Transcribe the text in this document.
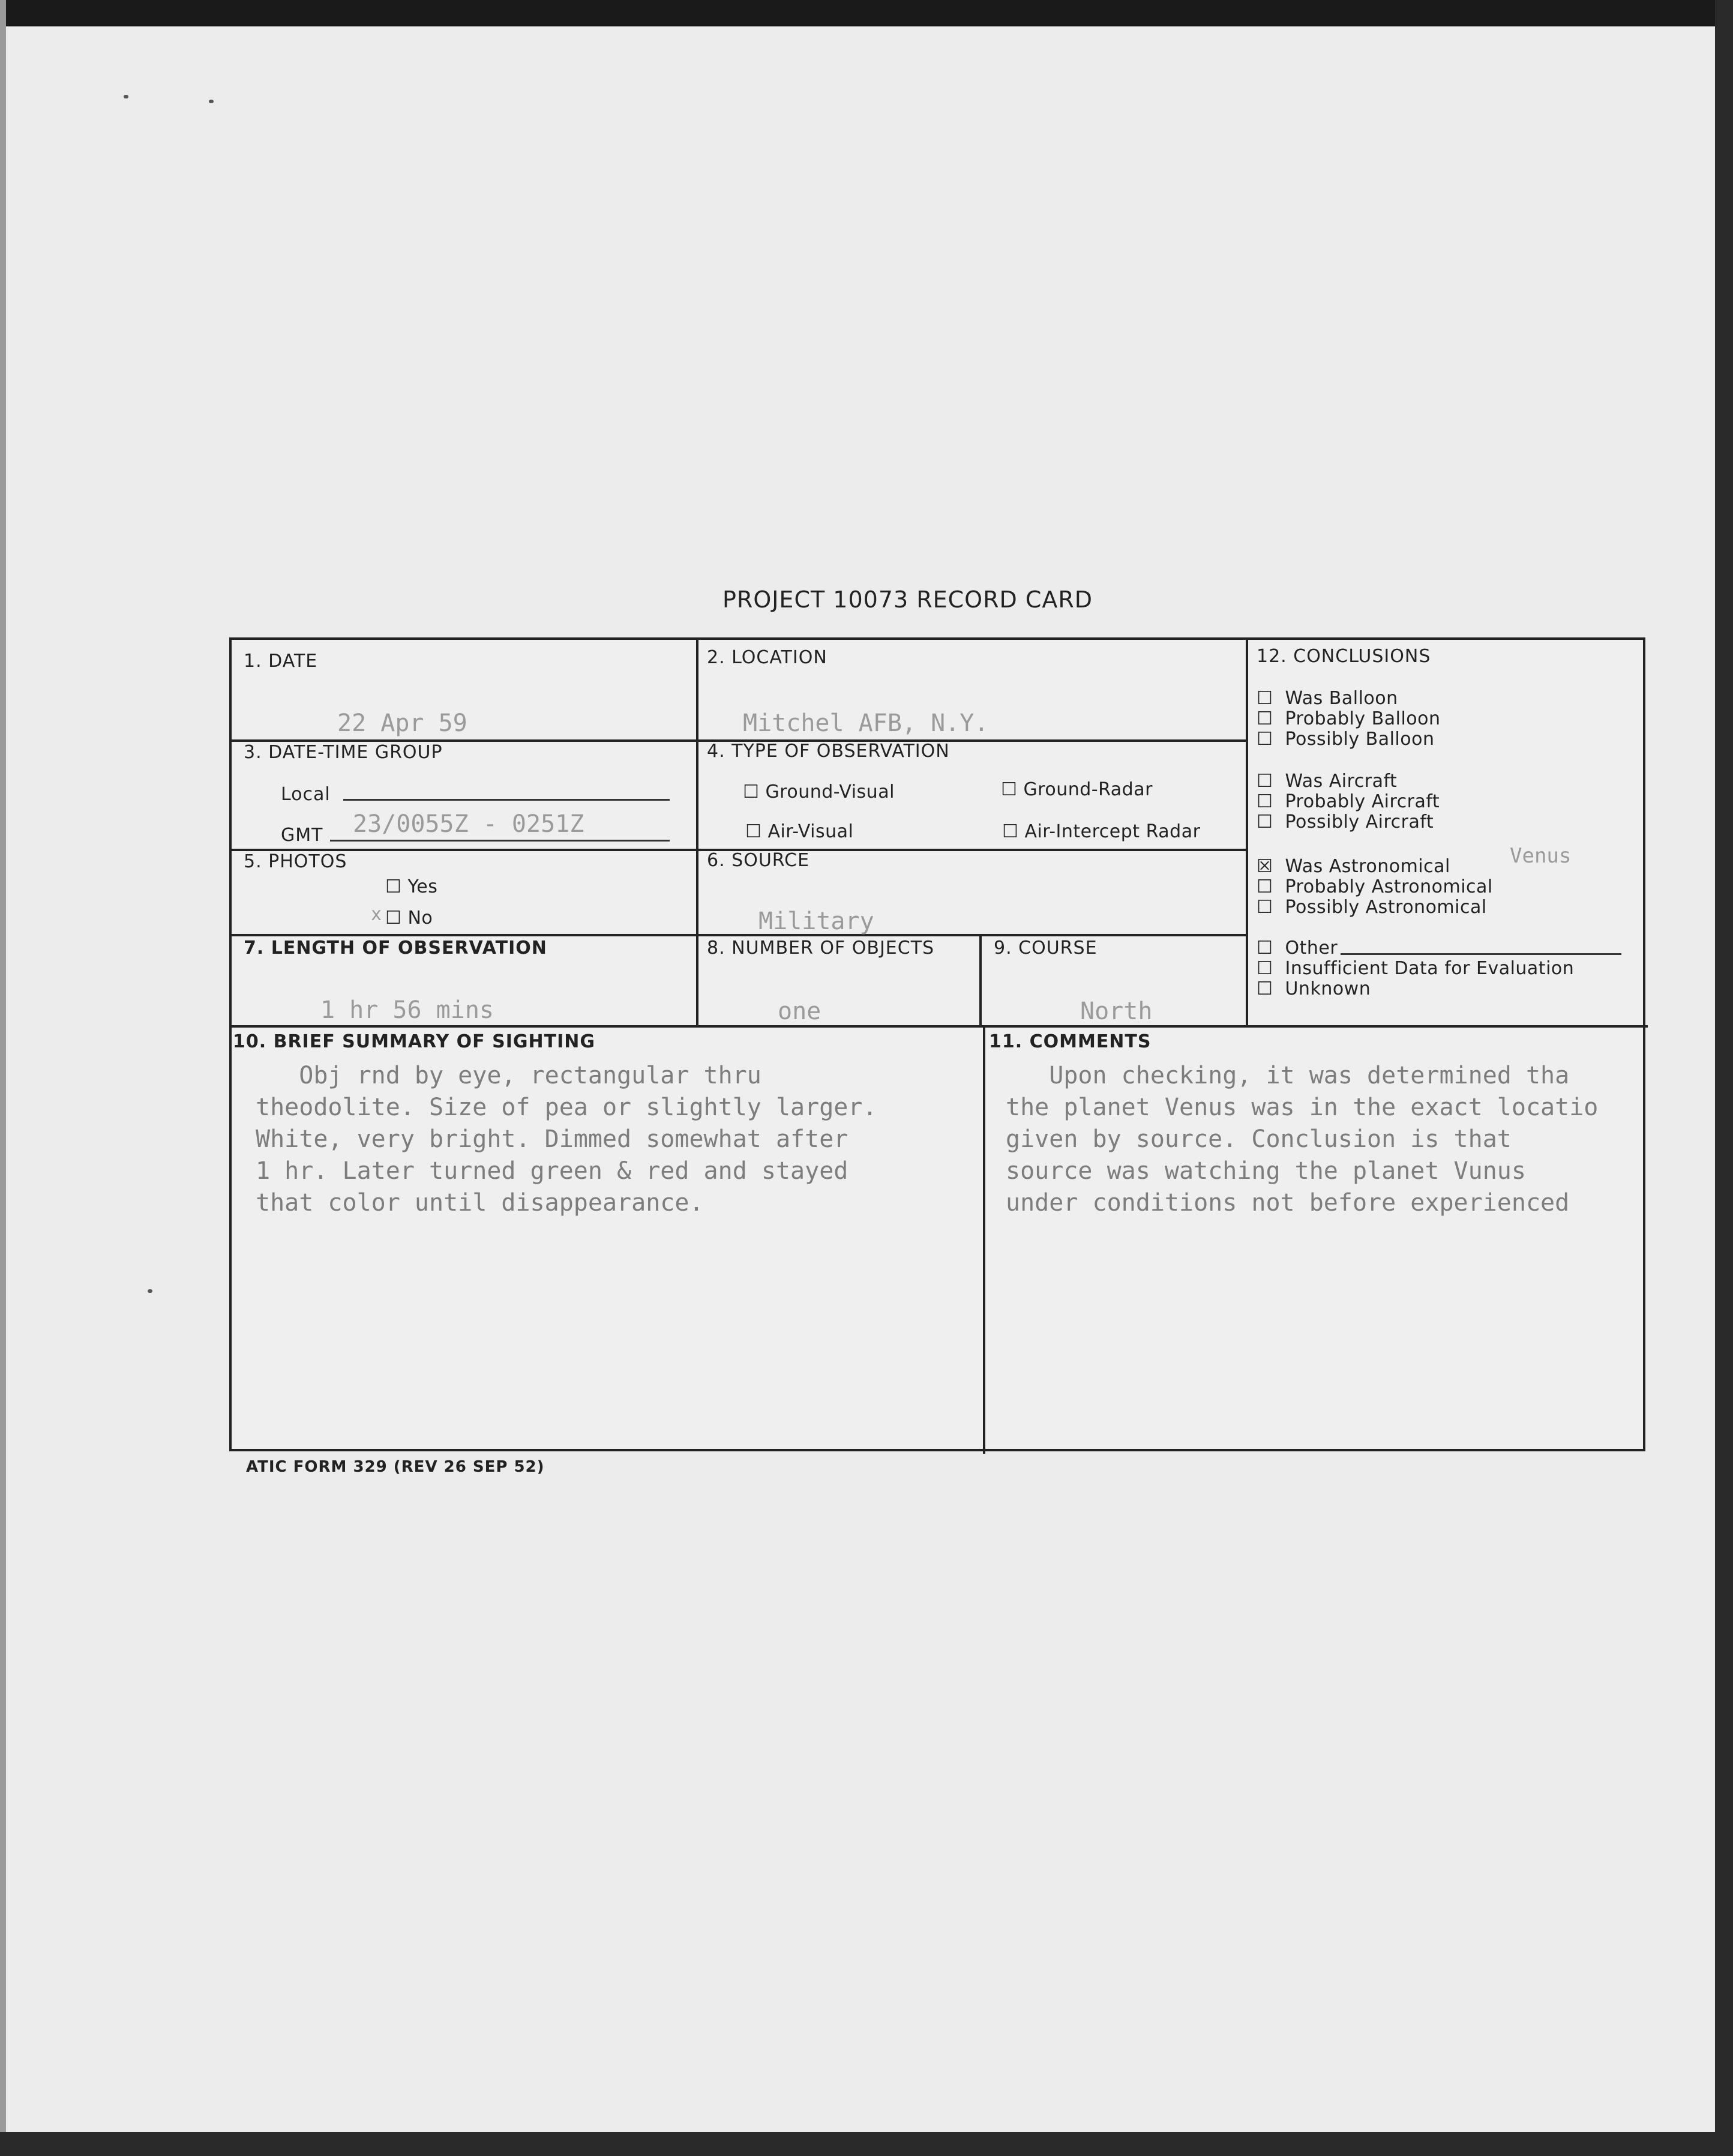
PROJECT 10073 RECORD CARD
1. DATE
22 Apr 59
2. LOCATION
Mitchel AFB, N.Y.
3. DATE-TIME GROUP
Local
GMT 23/0055Z - 0251Z
4. TYPE OF OBSERVATION
☐ Ground-Visual	☐ Ground-Radar
☐ Air-Visual	☐ Air-Intercept Radar
5. PHOTOS
☐ Yes
x ☐ No
6. SOURCE
Military
7. LENGTH OF OBSERVATION
1 hr 56 mins
8. NUMBER OF OBJECTS
one
9. COURSE
North
12. CONCLUSIONS
☐  Was Balloon
☐  Probably Balloon
☐  Possibly Balloon
☐  Was Aircraft
☐  Probably Aircraft
☐  Possibly Aircraft
☒  Was Astronomical	Venus
☐  Probably Astronomical
☐  Possibly Astronomical
☐  Other
☐  Insufficient Data for Evaluation
☐  Unknown
10. BRIEF SUMMARY OF SIGHTING
Obj rnd by eye, rectangular thru
theodolite. Size of pea or slightly larger.
White, very bright. Dimmed somewhat after
1 hr. Later turned green & red and stayed
that color until disappearance.
11. COMMENTS
Upon checking, it was determined tha
the planet Venus was in the exact locatio
given by source. Conclusion is that
source was watching the planet Vunus
under conditions not before experienced
ATIC FORM 329 (REV 26 SEP 52)
